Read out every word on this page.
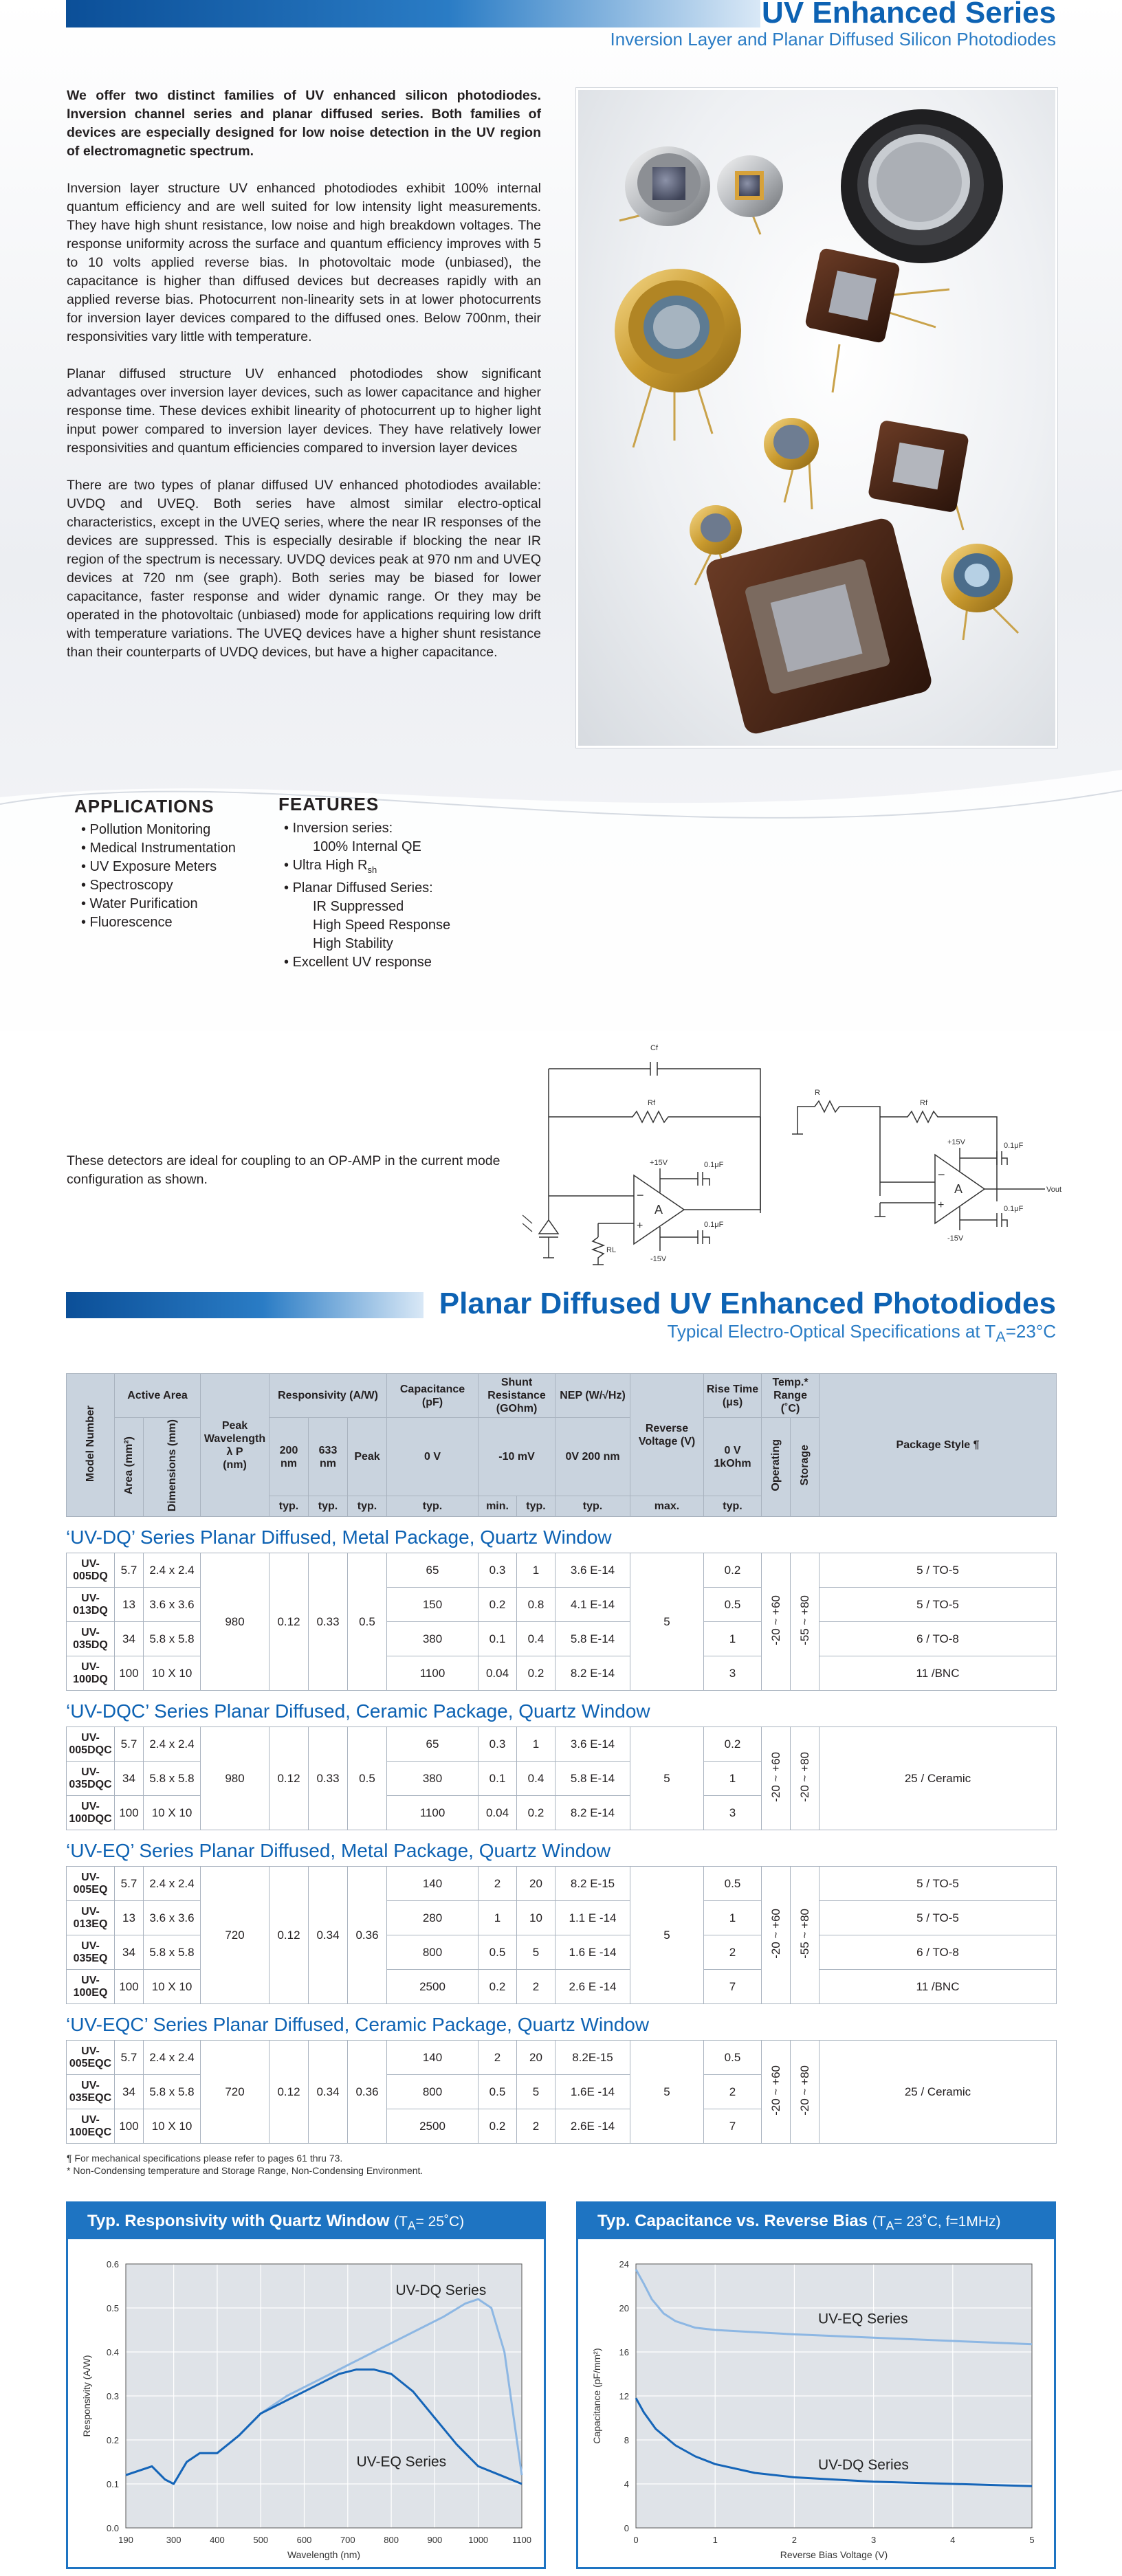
UV Enhanced Series
Inversion Layer and Planar Diffused Silicon Photodiodes

We offer two distinct families of UV enhanced silicon photodiodes. Inversion channel series and planar diffused series. Both families of devices are especially designed for low noise detection in the UV region of electromagnetic spectrum.

Inversion layer structure UV enhanced photodiodes exhibit 100% internal quantum efficiency and are well suited for low intensity light measurements. They have high shunt resistance, low noise and high breakdown voltages. The response uniformity across the surface and quantum efficiency improves with 5 to 10 volts applied reverse bias. In photovoltaic mode (unbiased), the capacitance is higher than diffused devices but decreases rapidly with an applied reverse bias. Photocurrent non-linearity sets in at lower photocurrents for inversion layer devices compared to the diffused ones. Below 700nm, their responsivities vary little with temperature.

Planar diffused structure UV enhanced photodiodes show significant advantages over inversion layer devices, such as lower capacitance and higher response time. These devices exhibit linearity of photocurrent up to higher light input power compared to inversion layer devices. They have relatively lower responsivities and quantum efficiencies compared to inversion layer devices

There are two types of planar diffused UV enhanced photodiodes available: UVDQ and UVEQ. Both series have almost similar electro-optical characteristics, except in the UVEQ series, where the near IR responses of the devices are suppressed. This is especially desirable if blocking the near IR region of the spectrum is necessary. UVDQ devices peak at 970 nm and UVEQ devices at 720 nm (see graph). Both series may be biased for lower capacitance, faster response and wider dynamic range. Or they may be operated in the photovoltaic (unbiased) mode for applications requiring low drift with temperature variations. The UVEQ devices have a higher shunt resistance than their counterparts of UVDQ devices, but have a higher capacitance.

APPLICATIONS
• Pollution Monitoring
• Medical Instrumentation
• UV Exposure Meters
• Spectroscopy
• Water Purification
• Fluorescence
FEATURES
• Inversion series:
100% Internal QE
• Ultra High $R_{sh}$
• Planar Diffused Series:
IR Suppressed
High Speed Response
High Stability
• Excellent UV response
These detectors are ideal for coupling to an OP-AMP in the current mode configuration as shown.
Cf
Rf
A
−
+
+15V
-15V
0.1μF
0.1μF
RL
R
Rf
A
−
+
Vout
+15V
-15V
0.1μF
0.1μF
Planar Diffused UV Enhanced Photodiodes
Typical Electro-Optical Specifications at $T_A=23^\circ C$
Model Number	Active Area		Peak Wavelength
λ P
(nm)	Responsivity (A/W)			Capacitance (pF)	Shunt Resistance (GOhm)		NEP (W/√Hz)	Reverse Voltage (V)	Rise Time (μs)	Temp.* Range (˚C)		Package Style ¶
	Area (mm²)	Dimensions (mm)		200 nm	633 nm	Peak	0 V	-10 mV		0V 200 nm		0 V 1kOhm	Operating	Storage	
				typ.	typ.	typ.	typ.	min.	typ.	typ.	max.	typ.			
‘UV-DQ’ Series Planar Diffused, Metal Package, Quartz Window
UV-005DQ	5.7	2.4 x 2.4	980	0.12	0.33	0.5	65	0.3	1	3.6 E-14	5	0.2	-20 ~ +60	-55 ~ +80	5 / TO-5
UV-013DQ	13	3.6 x 3.6					150	0.2	0.8	4.1 E-14		0.5			5 / TO-5
UV-035DQ	34	5.8 x 5.8					380	0.1	0.4	5.8 E-14		1			6 / TO-8
UV-100DQ	100	10 X 10					1100	0.04	0.2	8.2 E-14		3			11 /BNC
‘UV-DQC’ Series Planar Diffused, Ceramic Package, Quartz Window
UV-005DQC	5.7	2.4 x 2.4	980	0.12	0.33	0.5	65	0.3	1	3.6 E-14	5	0.2	-20 ~ +60	-20 ~ +80	25 / Ceramic
UV-035DQC	34	5.8 x 5.8					380	0.1	0.4	5.8 E-14		1			
UV-100DQC	100	10 X 10					1100	0.04	0.2	8.2 E-14		3			
‘UV-EQ’ Series Planar Diffused, Metal Package, Quartz Window
UV-005EQ	5.7	2.4 x 2.4	720	0.12	0.34	0.36	140	2	20	8.2 E-15	5	0.5	-20 ~ +60	-55 ~ +80	5 / TO-5
UV-013EQ	13	3.6 x 3.6					280	1	10	1.1 E -14		1			5 / TO-5
UV-035EQ	34	5.8 x 5.8					800	0.5	5	1.6 E -14		2			6 / TO-8
UV-100EQ	100	10 X 10					2500	0.2	2	2.6 E -14		7			11 /BNC
‘UV-EQC’ Series Planar Diffused, Ceramic Package, Quartz Window
UV-005EQC	5.7	2.4 x 2.4	720	0.12	0.34	0.36	140	2	20	8.2E-15	5	0.5	-20 ~ +60	-20 ~ +80	25 / Ceramic
UV-035EQC	34	5.8 x 5.8					800	0.5	5	1.6E -14		2			
UV-100EQC	100	10 X 10					2500	0.2	2	2.6E -14		7			
¶ For mechanical specifications please refer to pages 61 thru 73.
* Non-Condensing temperature and Storage Range, Non-Condensing Environment.
Typ. Responsivity with Quartz Window ($T_A=$ 25˚C)
190	300	400	500	600	700	800	900	1000	1100
0.0
0.1
0.2
0.3
0.4
0.5
0.6
UV-DQ Series
UV-EQ Series
Wavelength (nm)
Responsivity (A/W)
Typ. Capacitance vs. Reverse Bias ($T_A=$ 23˚C, f=1MHz)
0	1	2	3	4	5
0
4
8
12
16
20
24
UV-EQ Series
UV-DQ Series
Reverse Bias Voltage (V)
Capacitance (pF/mm²)
